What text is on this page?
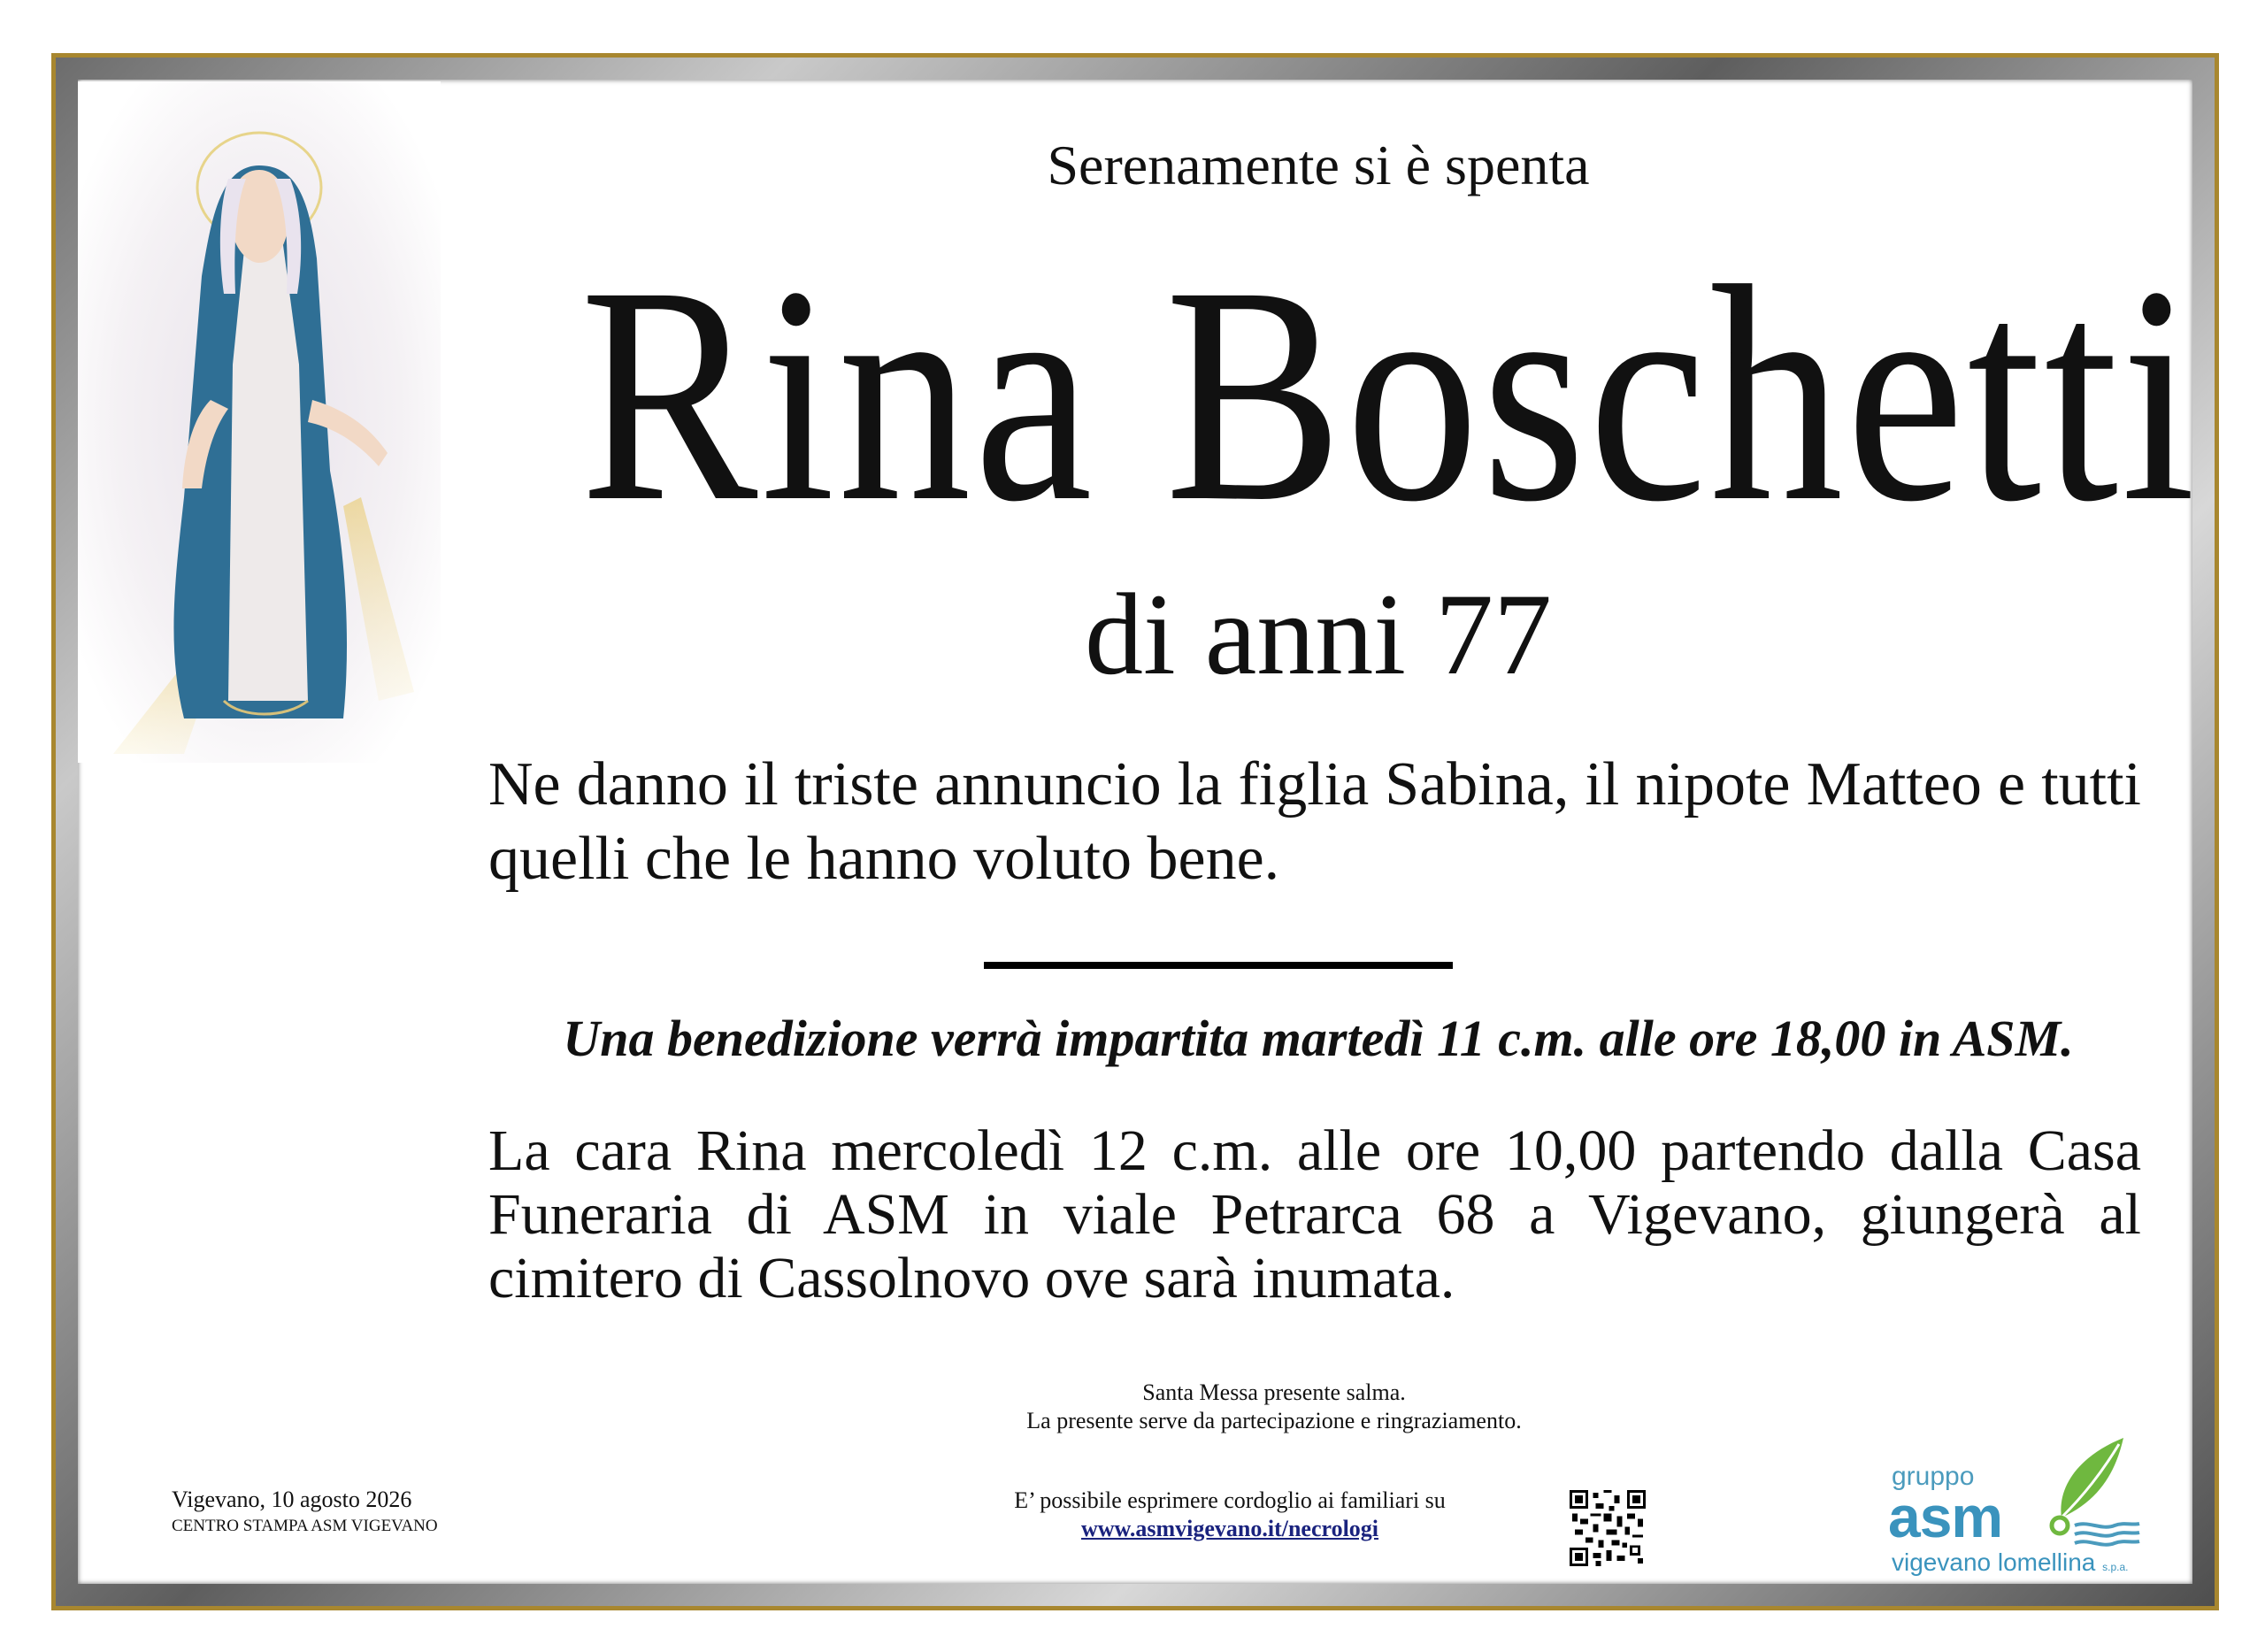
Serenamente si è spenta
Rina Boschetti
di anni 77
Ne danno il triste annuncio la figlia Sabina, il nipote Matteo e tutti quelli che le hanno voluto bene.
Una benedizione verrà impartita martedì 11 c.m. alle ore 18,00 in ASM.
La cara Rina mercoledì 12 c.m. alle ore 10,00 partendo dalla Casa Funeraria di ASM in viale Petrarca 68 a Vigevano, giungerà al cimitero di Cassolnovo ove sarà inumata.
Santa Messa presente salma.
La presente serve da partecipazione e ringraziamento.
Vigevano, 10 agosto 2026
CENTRO STAMPA ASM VIGEVANO
E’ possibile esprimere cordoglio ai familiari su
www.asmvigevano.it/necrologi
gruppo
asm
vigevano lomellina s.p.a.
